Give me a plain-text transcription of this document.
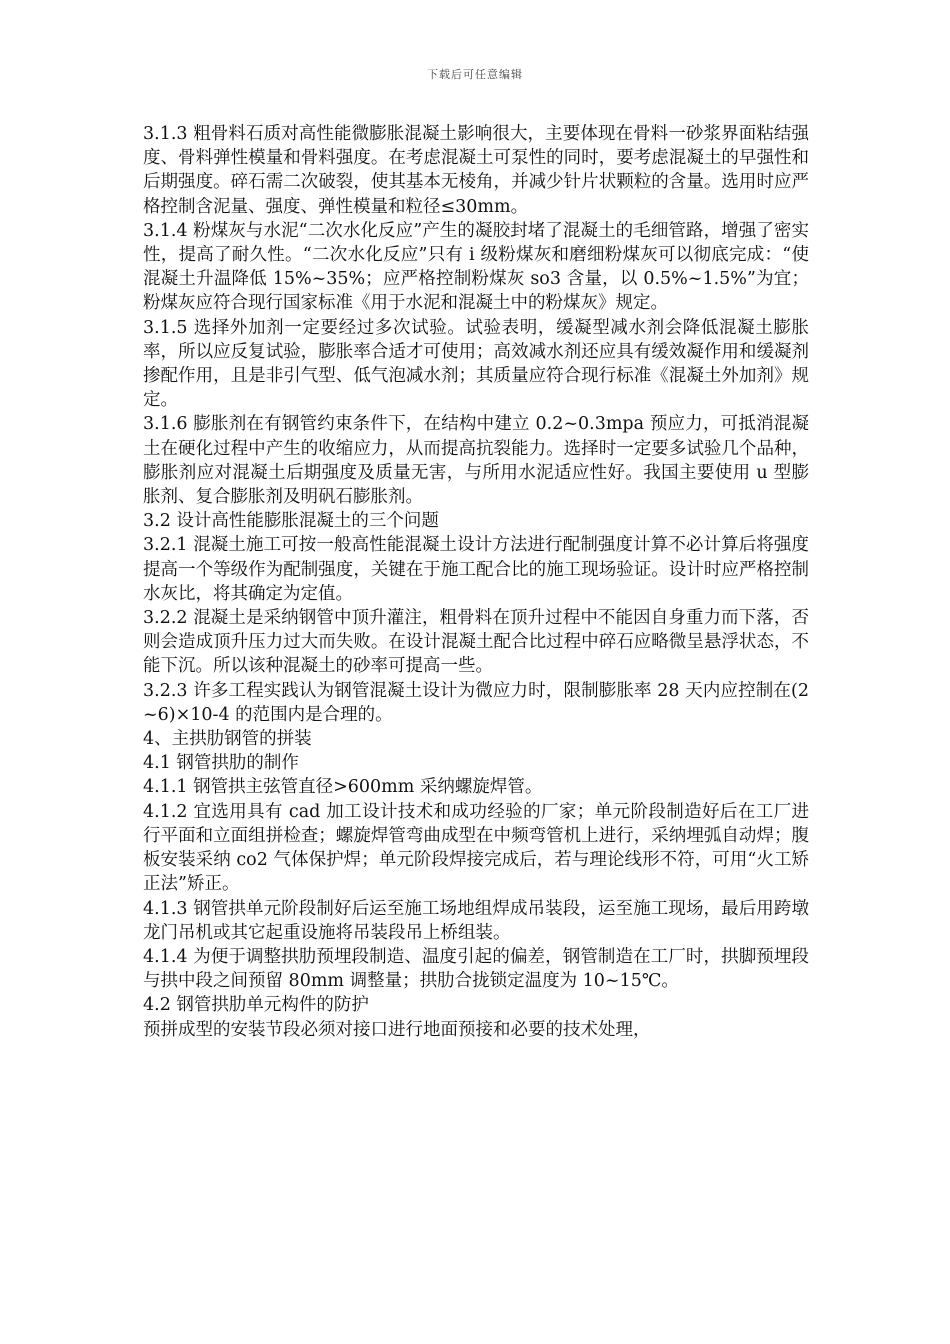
下载后可任意编辑

3.1.3 粗骨料石质对高性能微膨胀混凝土影响很大，主要体现在骨料一砂浆界面粘结强度、骨料弹性模量和骨料强度。在考虑混凝土可泵性的同时，要考虑混凝土的早强性和后期强度。碎石需二次破裂，使其基本无棱角，并减少针片状颗粒的含量。选用时应严格控制含泥量、强度、弹性模量和粒径≤30mm。

3.1.4 粉煤灰与水泥“二次水化反应”产生的凝胶封堵了混凝土的毛细管路，增强了密实性，提高了耐久性。“二次水化反应”只有 i 级粉煤灰和磨细粉煤灰可以彻底完成：“使混凝土升温降低 15%~35%；应严格控制粉煤灰 so3 含量，以 0.5%~1.5%”为宜；粉煤灰应符合现行国家标准《用于水泥和混凝土中的粉煤灰》规定。

3.1.5 选择外加剂一定要经过多次试验。试验表明，缓凝型减水剂会降低混凝土膨胀率，所以应反复试验，膨胀率合适才可使用；高效减水剂还应具有缓效凝作用和缓凝剂掺配作用，且是非引气型、低气泡减水剂；其质量应符合现行标准《混凝土外加剂》规定。

3.1.6 膨胀剂在有钢管约束条件下，在结构中建立 0.2~0.3mpa 预应力，可抵消混凝土在硬化过程中产生的收缩应力，从而提高抗裂能力。选择时一定要多试验几个品种，膨胀剂应对混凝土后期强度及质量无害，与所用水泥适应性好。我国主要使用 u 型膨胀剂、复合膨胀剂及明矾石膨胀剂。

3.2 设计高性能膨胀混凝土的三个问题

3.2.1 混凝土施工可按一般高性能混凝土设计方法进行配制强度计算不必计算后将强度提高一个等级作为配制强度，关键在于施工配合比的施工现场验证。设计时应严格控制水灰比，将其确定为定值。

3.2.2 混凝土是采纳钢管中顶升灌注，粗骨料在顶升过程中不能因自身重力而下落，否则会造成顶升压力过大而失败。在设计混凝土配合比过程中碎石应略微呈悬浮状态，不能下沉。所以该种混凝土的砂率可提高一些。

3.2.3 许多工程实践认为钢管混凝土设计为微应力时，限制膨胀率 28 天内应控制在(2~6)×10-4 的范围内是合理的。

4、主拱肋钢管的拼装

4.1 钢管拱肋的制作

4.1.1 钢管拱主弦管直径>600mm 采纳螺旋焊管。

4.1.2 宜选用具有 cad 加工设计技术和成功经验的厂家；单元阶段制造好后在工厂进行平面和立面组拼检查；螺旋焊管弯曲成型在中频弯管机上进行，采纳埋弧自动焊；腹板安装采纳 co2 气体保护焊；单元阶段焊接完成后，若与理论线形不符，可用“火工矫正法”矫正。

4.1.3 钢管拱单元阶段制好后运至施工场地组焊成吊装段，运至施工现场，最后用跨墩龙门吊机或其它起重设施将吊装段吊上桥组装。

4.1.4 为便于调整拱肋预埋段制造、温度引起的偏差，钢管制造在工厂时，拱脚预埋段与拱中段之间预留 80mm 调整量；拱肋合拢锁定温度为 10~15℃。

4.2 钢管拱肋单元构件的防护

预拼成型的安装节段必须对接口进行地面预接和必要的技术处理，
